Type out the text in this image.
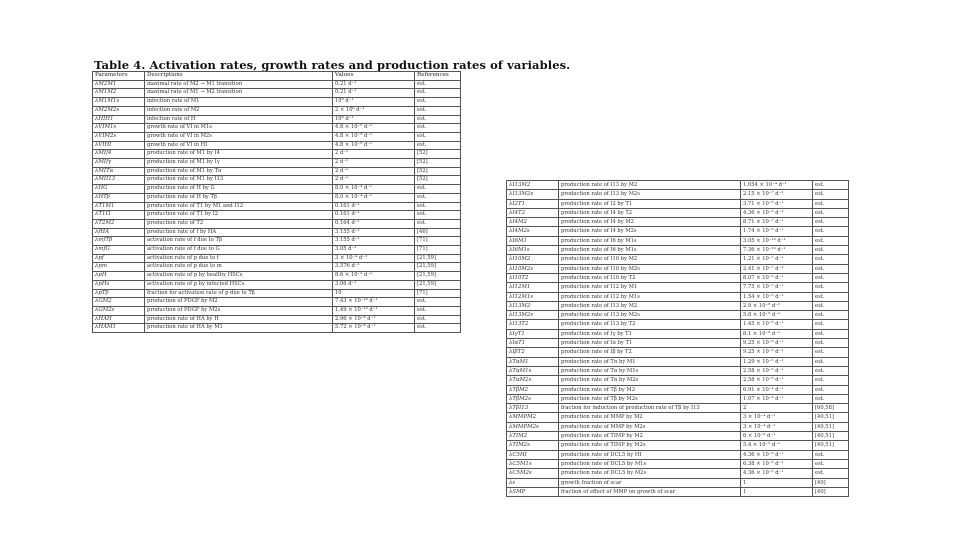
Table 4. Activation rates, growth rates and production rates of variables.
Parameters	Descriptions	Values	References
λM2M1	maximal rate of M2 → M1 transition	0.21 d⁻¹	est.
λM1M2	maximal rate of M1 → M2 transition	0.21 d⁻¹	est.
λM1M1s	infection rate of M1	10⁶ d⁻¹	est.
λM2M2s	infection rate of M2	2 × 10⁶ d⁻¹	est.
λHIH1	infection rate of H	10⁶ d⁻¹	est.
λVIM1s	growth rate of VI in M1s	4.8 × 10⁻⁵ d⁻¹	est.
λVIM2s	growth rate of VI in M2s	4.8 × 10⁻⁵ d⁻¹	est.
λVIHI	growth rate of VI in HI	4.8 × 10⁻⁵ d⁻¹	est.
λMIf4	production rate of M1 by I4	2 d⁻¹	[52]
λMIfγ	production rate of M1 by Iγ	2 d⁻¹	[52]
λMITα	production rate of M1 by Tα	2 d⁻¹	[52]
λMII13	production rate of M1 by I13	2 d⁻¹	[52]
λHG	production rate of H by G	8.0 × 10⁻⁴ d⁻¹	est.
λHTβ	production rate of H by Tβ	8.0 × 10⁻⁴ d⁻¹	est.
λT1M1	production rate of T1 by M1 and I12	0.161 d⁻¹	est.
λT1I1	production rate of T1 by I2	0.161 d⁻¹	est.
λT2M2	production rate of T2	0.164 d⁻¹	est.
λfHA	production rate of f by HA	3.155 d⁻¹	[46]
λmfTβ	activation rate of f due to Tβ	3.155 d⁻¹	[71]
λmfG	activation rate of f due to G	3.05 d⁻¹	[71]
λpf	activation rate of p due to f	3 × 10⁻⁴ d⁻¹	[21,59]
λpm	activation rate of p due to m	3.576 d⁻¹	[21,59]
λpH	activation rate of p by healthy HSCs	8.6 × 10⁻² d⁻¹	[21,59]
λpHs	activation rate of p by infected HSCs	3.06 d⁻¹	[21,59]
λpTβ	fraction for activation rate of p due to Tβ	10	[71]
λGM2	production of PDGF by M2	7.43 × 10⁻¹⁰ d⁻¹	est.
λGM2s	production of PDGF by M2s	1.49 × 10⁻¹⁰ d⁻¹	est.
λHAH	production rate of HA by H	2.96 × 10⁻⁸ d⁻¹	est.
λHAM1	production rate of HA by M1	5.72 × 10⁻⁸ d⁻¹	est.
λI13M2	production rate of I13 by M2	1.054 × 10⁻⁴ d⁻¹	est.
λI13M2s	production rate of I13 by M2s	2.15 × 10⁻⁷ d⁻¹	est.
λI2T1	production rate of I2 by T1	3.71 × 10⁻⁵ d⁻¹	est.
λI4T2	production rate of I4 by T2	4.36 × 10⁻⁵ d⁻¹	est.
λI4M2	production rate of I4 by M2	8.71 × 10⁻⁷ d⁻¹	est.
λI4M2s	production rate of I4 by M2s	1.74 × 10⁻⁵ d⁻¹	est.
λI6M1	production rate of I6 by M1s	3.05 × 10⁻¹⁰ d⁻¹	est.
λI6M1s	production rate of I6 by M1s	7.36 × 10⁻¹⁰ d⁻¹	est.
λI10M2	production rate of I10 by M2	1.21 × 10⁻⁷ d⁻¹	est.
λI10M2s	production rate of I10 by M2s	2.41 × 10⁻⁷ d⁻¹	est.
λI10T2	production rate of I10 by T2	8.07 × 10⁻⁵ d⁻¹	est.
λI12M1	production rate of I12 by M1	7.75 × 10⁻⁷ d⁻¹	est.
λI12M1s	production rate of I12 by M1s	1.54 × 10⁻⁵ d⁻¹	est.
λI13M2	production rate of I13 by M2	2.9 × 10⁻⁸ d⁻¹	est.
λI13M2s	production rate of I13 by M2s	5.8 × 10⁻⁸ d⁻¹	est.
λI13T2	production rate of I13 by T2	1.45 × 10⁻⁵ d⁻¹	est.
λIγT1	production rate of Iγ by T1	8.1 × 10⁻⁸ d⁻¹	est.
λIαT1	production rate of Iα by T1	9.25 × 10⁻⁶ d⁻¹	est.
λIβT2	production rate of Iβ by T2	9.25 × 10⁻⁶ d⁻¹	est.
λTαM1	production rate of Tα by M1	1.29 × 10⁻⁵ d⁻¹	est.
λTαM1s	production rate of Tα by M1s	2.58 × 10⁻⁵ d⁻¹	est.
λTαM2s	production rate of Tα by M2s	2.58 × 10⁻⁵ d⁻¹	est.
λTβM2	production rate of Tβ by M2	6.91 × 10⁻⁴ d⁻¹	est.
λTβM2s	production rate of Tβ by M2s	1.07 × 10⁻³ d⁻¹	est.
λTβI13	fraction for induction of production rate of Tβ by I13	2	[60,58]
λMMPM2	production rate of MMP by M2	3 × 10⁻⁴ d⁻¹	[40,51]
λMMPM2s	production rate of MMP by M2s	3 × 10⁻⁴ d⁻¹	[40,51]
λTIM2	production rate of TIMP by M2	6 × 10⁻⁵ d⁻¹	[40,51]
λTIM2s	production rate of TIMP by M2s	5.4 × 10⁻⁵ d⁻¹	[40,51]
λC5HI	production rate of DCL5 by HI	4.36 × 10⁻⁵ d⁻¹	est.
λC5M1s	production rate of DCL5 by M1s	6.38 × 10⁻⁵ d⁻¹	est.
λC5M2s	production rate of DCL5 by M2s	4.36 × 10⁻⁵ d⁻¹	est.
λs	growth fraction of scar	1	[40]
λSMP	fraction of effect of MMP on growth of scar	1	[40]
